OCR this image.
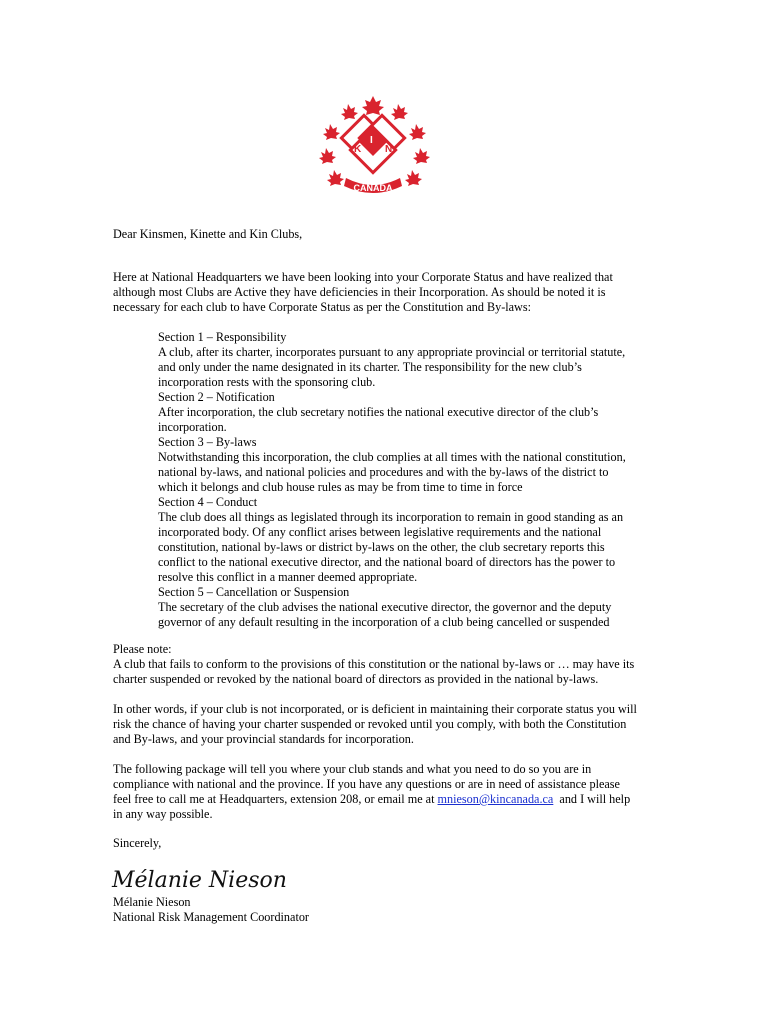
K
I
N
CANADA
Dear Kinsmen, Kinette and Kin Clubs,
Here at National Headquarters we have been looking into your Corporate Status and have realized that
although most Clubs are Active they have deficiencies in their Incorporation. As should be noted it is
necessary for each club to have Corporate Status as per the Constitution and By-laws:
Section 1 – Responsibility
A club, after its charter, incorporates pursuant to any appropriate provincial or territorial statute,
and only under the name designated in its charter. The responsibility for the new club’s
incorporation rests with the sponsoring club.
Section 2 – Notification
After incorporation, the club secretary notifies the national executive director of the club’s
incorporation.
Section 3 – By-laws
Notwithstanding this incorporation, the club complies at all times with the national constitution,
national by-laws, and national policies and procedures and with the by-laws of the district to
which it belongs and club house rules as may be from time to time in force
Section 4 – Conduct
The club does all things as legislated through its incorporation to remain in good standing as an
incorporated body. Of any conflict arises between legislative requirements and the national
constitution, national by-laws or district by-laws on the other, the club secretary reports this
conflict to the national executive director, and the national board of directors has the power to
resolve this conflict in a manner deemed appropriate.
Section 5 – Cancellation or Suspension
The secretary of the club advises the national executive director, the governor and the deputy
governor of any default resulting in the incorporation of a club being cancelled or suspended
Please note:
A club that fails to conform to the provisions of this constitution or the national by-laws or … may have its
charter suspended or revoked by the national board of directors as provided in the national by-laws.
In other words, if your club is not incorporated, or is deficient in maintaining their corporate status you will
risk the chance of having your charter suspended or revoked until you comply, with both the Constitution
and By-laws, and your provincial standards for incorporation.
The following package will tell you where your club stands and what you need to do so you are in
compliance with national and the province. If you have any questions or are in need of assistance please
feel free to call me at Headquarters, extension 208, or email me at mnieson@kincanada.ca  and I will help
in any way possible.
Sincerely,
Mélanie Nieson
Mélanie Nieson
National Risk Management Coordinator
